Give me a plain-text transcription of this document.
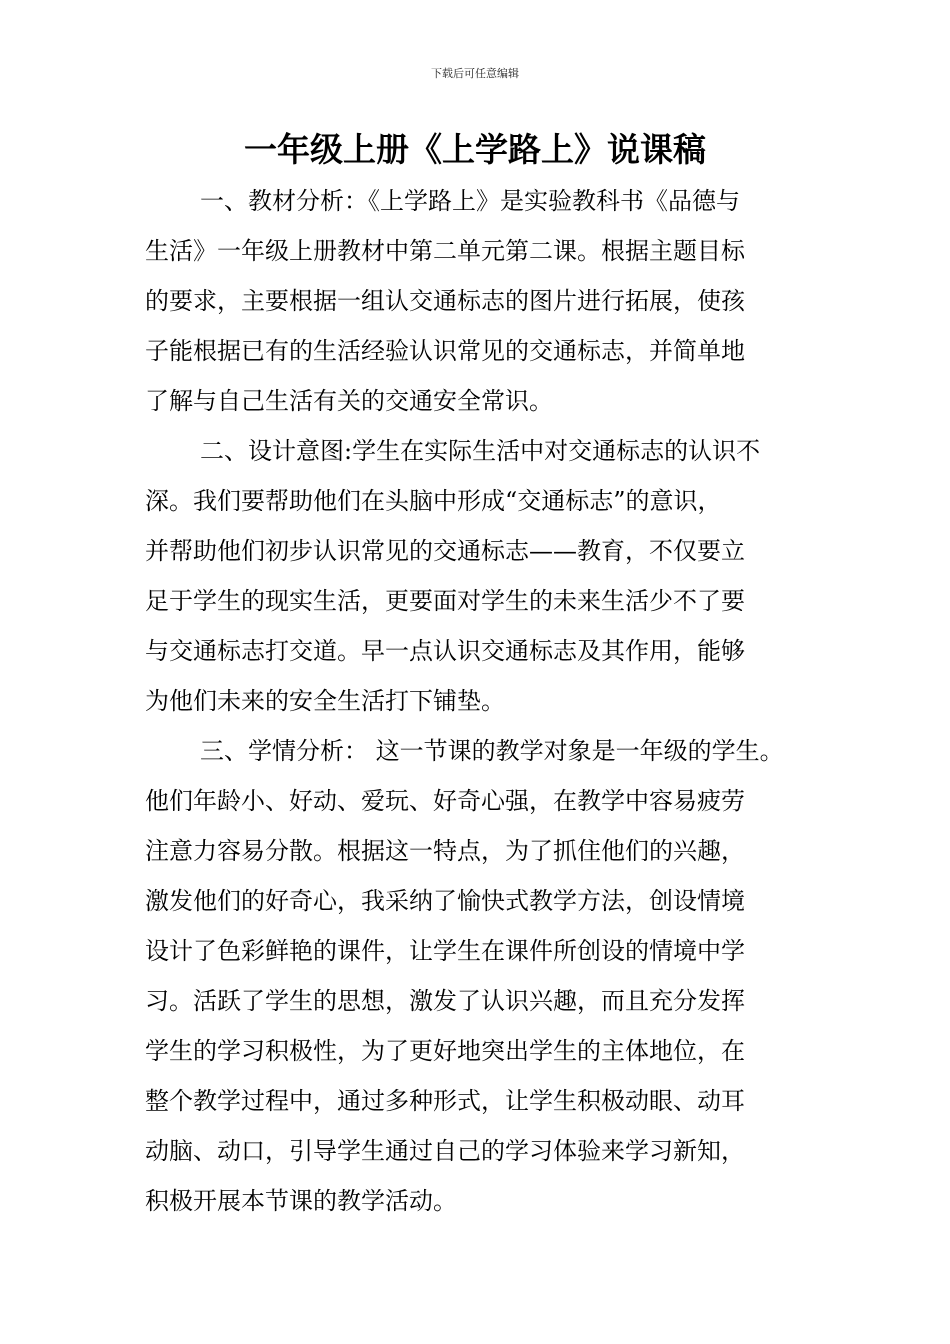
下载后可任意编辑
一年级上册《上学路上》说课稿

一、教材分析：《上学路上》是实验教科书《品德与
生活》一年级上册教材中第二单元第二课。根据主题目标
的要求，主要根据一组认交通标志的图片进行拓展，使孩
子能根据已有的生活经验认识常见的交通标志，并简单地
了解与自己生活有关的交通安全常识。

二、设计意图:学生在实际生活中对交通标志的认识不
深。我们要帮助他们在头脑中形成“交通标志”的意识，
并帮助他们初步认识常见的交通标志——教育，不仅要立
足于学生的现实生活，更要面对学生的未来生活少不了要
与交通标志打交道。早一点认识交通标志及其作用，能够
为他们未来的安全生活打下铺垫。

三、学情分析： 这一节课的教学对象是一年级的学生。
他们年龄小、好动、爱玩、好奇心强，在教学中容易疲劳
注意力容易分散。根据这一特点，为了抓住他们的兴趣，
激发他们的好奇心，我采纳了愉快式教学方法，创设情境
设计了色彩鲜艳的课件，让学生在课件所创设的情境中学
习。活跃了学生的思想，激发了认识兴趣，而且充分发挥
学生的学习积极性，为了更好地突出学生的主体地位，在
整个教学过程中，通过多种形式，让学生积极动眼、动耳
动脑、动口，引导学生通过自己的学习体验来学习新知，
积极开展本节课的教学活动。
